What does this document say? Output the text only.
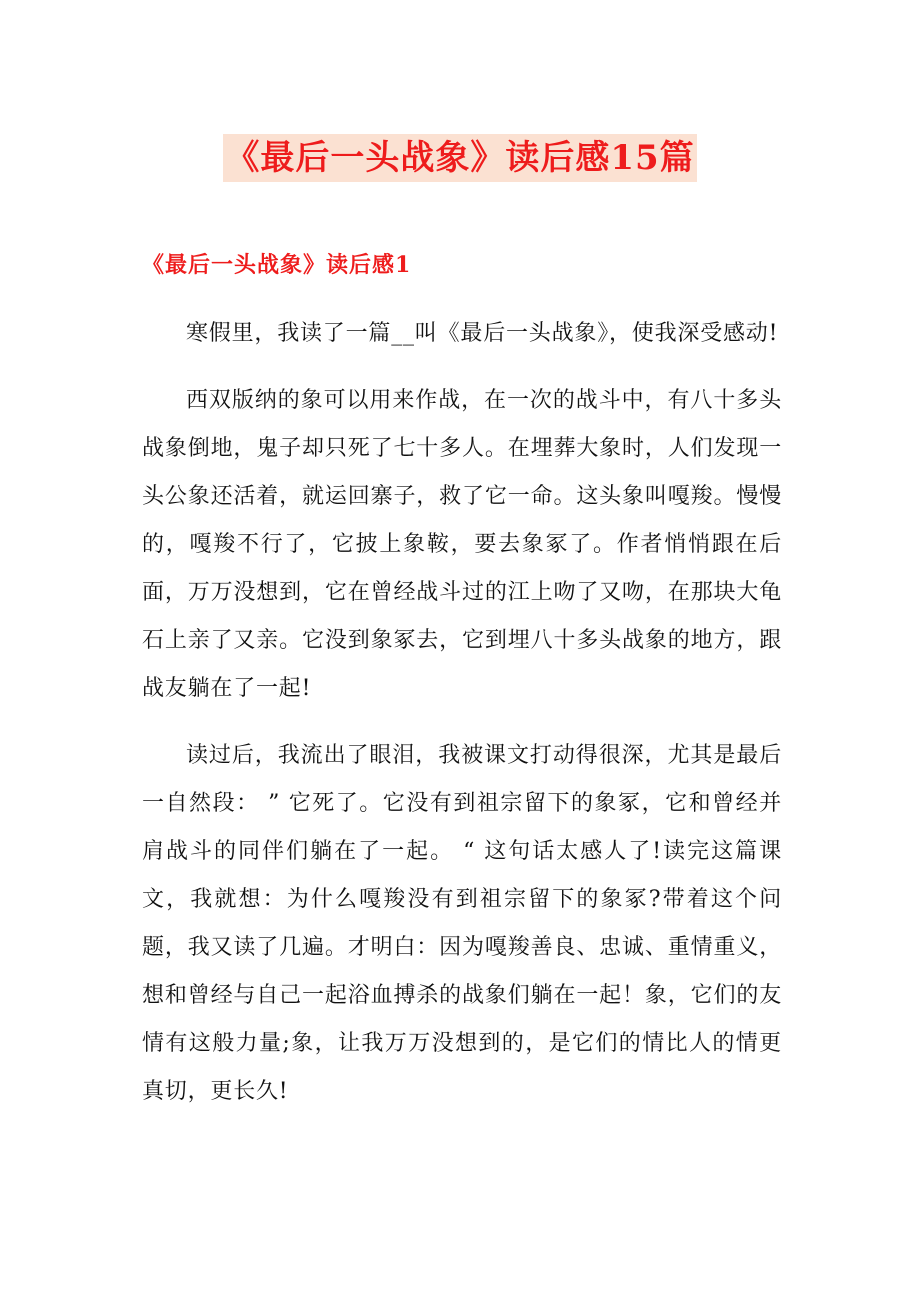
《最后一头战象》读后感15篇
《最后一头战象》读后感1

寒假里，我读了一篇__叫《最后一头战象》，使我深受感动!

西双版纳的象可以用来作战，在一次的战斗中，有八十多头战象倒地，鬼子却只死了七十多人。在埋葬大象时，人们发现一头公象还活着，就运回寨子，救了它一命。这头象叫嘎羧。慢慢的，嘎羧不行了，它披上象鞍，要去象冢了。作者悄悄跟在后面，万万没想到，它在曾经战斗过的江上吻了又吻，在那块大龟石上亲了又亲。它没到象冢去，它到埋八十多头战象的地方，跟战友躺在了一起!

读过后，我流出了眼泪，我被课文打动得很深，尤其是最后一自然段： ” 它死了。它没有到祖宗留下的象冢，它和曾经并肩战斗的同伴们躺在了一起。 “ 这句话太感人了!读完这篇课文，我就想：为什么嘎羧没有到祖宗留下的象冢?带着这个问题，我又读了几遍。才明白：因为嘎羧善良、忠诚、重情重义，想和曾经与自己一起浴血搏杀的战象们躺在一起！象，它们的友情有这般力量;象，让我万万没想到的，是它们的情比人的情更真切，更长久!
